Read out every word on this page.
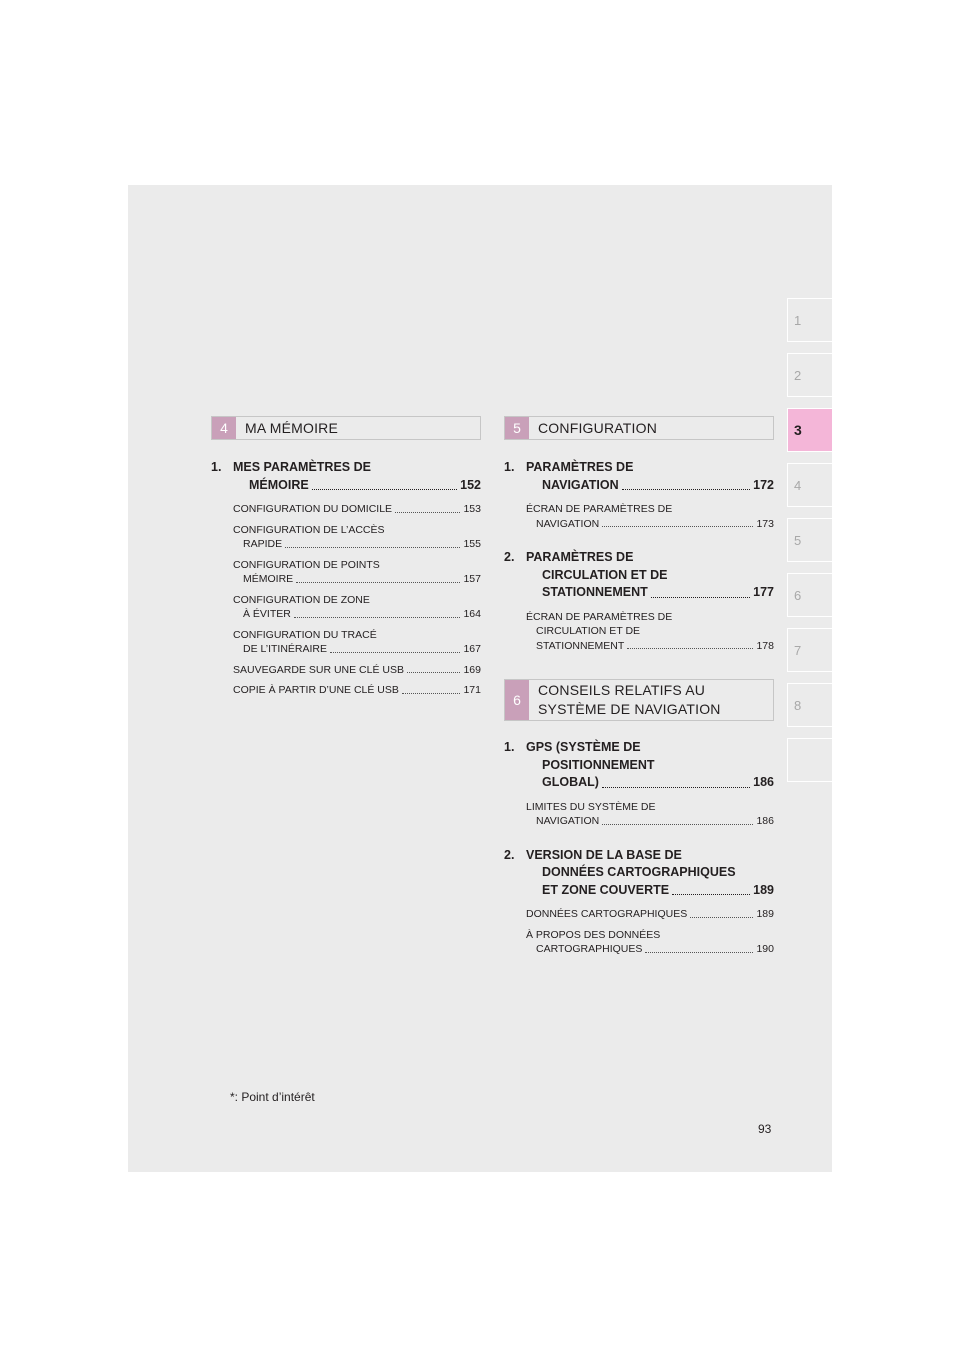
1
2
3
4
5
6
7
8
4	MA MÉMOIRE
1. MES PARAMÈTRES DE
MÉMOIRE	152
CONFIGURATION DU DOMICILE	153
CONFIGURATION DE L’ACCÈS
RAPIDE	155
CONFIGURATION DE POINTS
MÉMOIRE	157
CONFIGURATION DE ZONE
À ÉVITER	164
CONFIGURATION DU TRACÉ
DE L’ITINÉRAIRE	167
SAUVEGARDE SUR UNE CLÉ USB	169
COPIE À PARTIR D’UNE CLÉ USB	171
5	CONFIGURATION
1. PARAMÈTRES DE
NAVIGATION	172
ÉCRAN DE PARAMÈTRES DE
NAVIGATION	173
2. PARAMÈTRES DE
CIRCULATION ET DE
STATIONNEMENT	177
ÉCRAN DE PARAMÈTRES DE
CIRCULATION ET DE
STATIONNEMENT	178
6
CONSEILS RELATIFS AU
SYSTÈME DE NAVIGATION
1. GPS (SYSTÈME DE
POSITIONNEMENT
GLOBAL)	186
LIMITES DU SYSTÈME DE
NAVIGATION	186
2. VERSION DE LA BASE DE
DONNÉES CARTOGRAPHIQUES
ET ZONE COUVERTE	189
DONNÉES CARTOGRAPHIQUES	189
À PROPOS DES DONNÉES
CARTOGRAPHIQUES	190
*: Point d’intérêt
93
